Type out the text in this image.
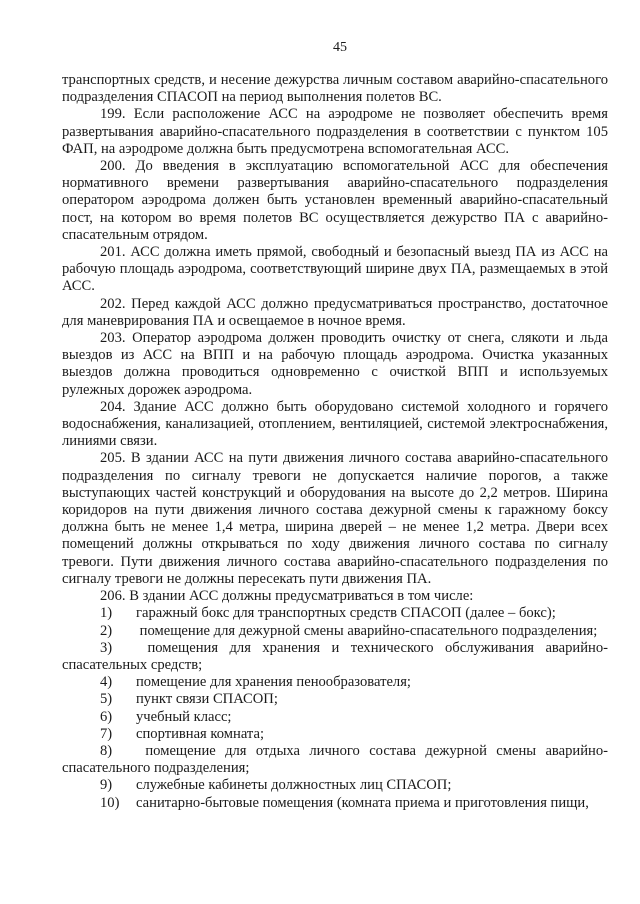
45

транспортных средств, и несение дежурства личным составом аварийно-спасательного подразделения СПАСОП на период выполнения полетов ВС.

199. Если расположение АСС на аэродроме не позволяет обеспечить время развертывания аварийно-спасательного подразделения в соответствии с пунктом 105 ФАП, на аэродроме должна быть предусмотрена вспомогательная АСС.

200. До введения в эксплуатацию вспомогательной АСС для обеспечения нормативного времени развертывания аварийно-спасательного подразделения оператором аэродрома должен быть установлен временный аварийно-спасательный пост, на котором во время полетов ВС осуществляется дежурство ПА с аварийно-спасательным отрядом.

201. АСС должна иметь прямой, свободный и безопасный выезд ПА из АСС на рабочую площадь аэродрома, соответствующий ширине двух ПА, размещаемых в этой АСС.

202. Перед каждой АСС должно предусматриваться пространство, достаточное для маневрирования ПА и освещаемое в ночное время.

203. Оператор аэродрома должен проводить очистку от снега, слякоти и льда выездов из АСС на ВПП и на рабочую площадь аэродрома. Очистка указанных выездов должна проводиться одновременно с очисткой ВПП и используемых рулежных дорожек аэродрома.

204. Здание АСС должно быть оборудовано системой холодного и горячего водоснабжения, канализацией, отоплением, вентиляцией, системой электроснабжения, линиями связи.

205. В здании АСС на пути движения личного состава аварийно-спасательного подразделения по сигналу тревоги не допускается наличие порогов, а также выступающих частей конструкций и оборудования на высоте до 2,2 метров. Ширина коридоров на пути движения личного состава дежурной смены к гаражному боксу должна быть не менее 1,4 метра, ширина дверей – не менее 1,2 метра. Двери всех помещений должны открываться по ходу движения личного состава по сигналу тревоги. Пути движения личного состава аварийно-спасательного подразделения по сигналу тревоги не должны пересекать пути движения ПА.

206. В здании АСС должны предусматриваться в том числе:

1)	гаражный бокс для транспортных средств СПАСОП (далее – бокс);

2) помещение для дежурной смены аварийно-спасательного подразделения;

3) помещения для хранения и технического обслуживания аварийно-спасательных средств;

4)	помещение для хранения пенообразователя;

5)	пункт связи СПАСОП;

6)	учебный класс;

7)	спортивная комната;

8) помещение для отдыха личного состава дежурной смены аварийно-спасательного подразделения;

9)	служебные кабинеты должностных лиц СПАСОП;

10)	санитарно-бытовые помещения (комната приема и приготовления пищи,
